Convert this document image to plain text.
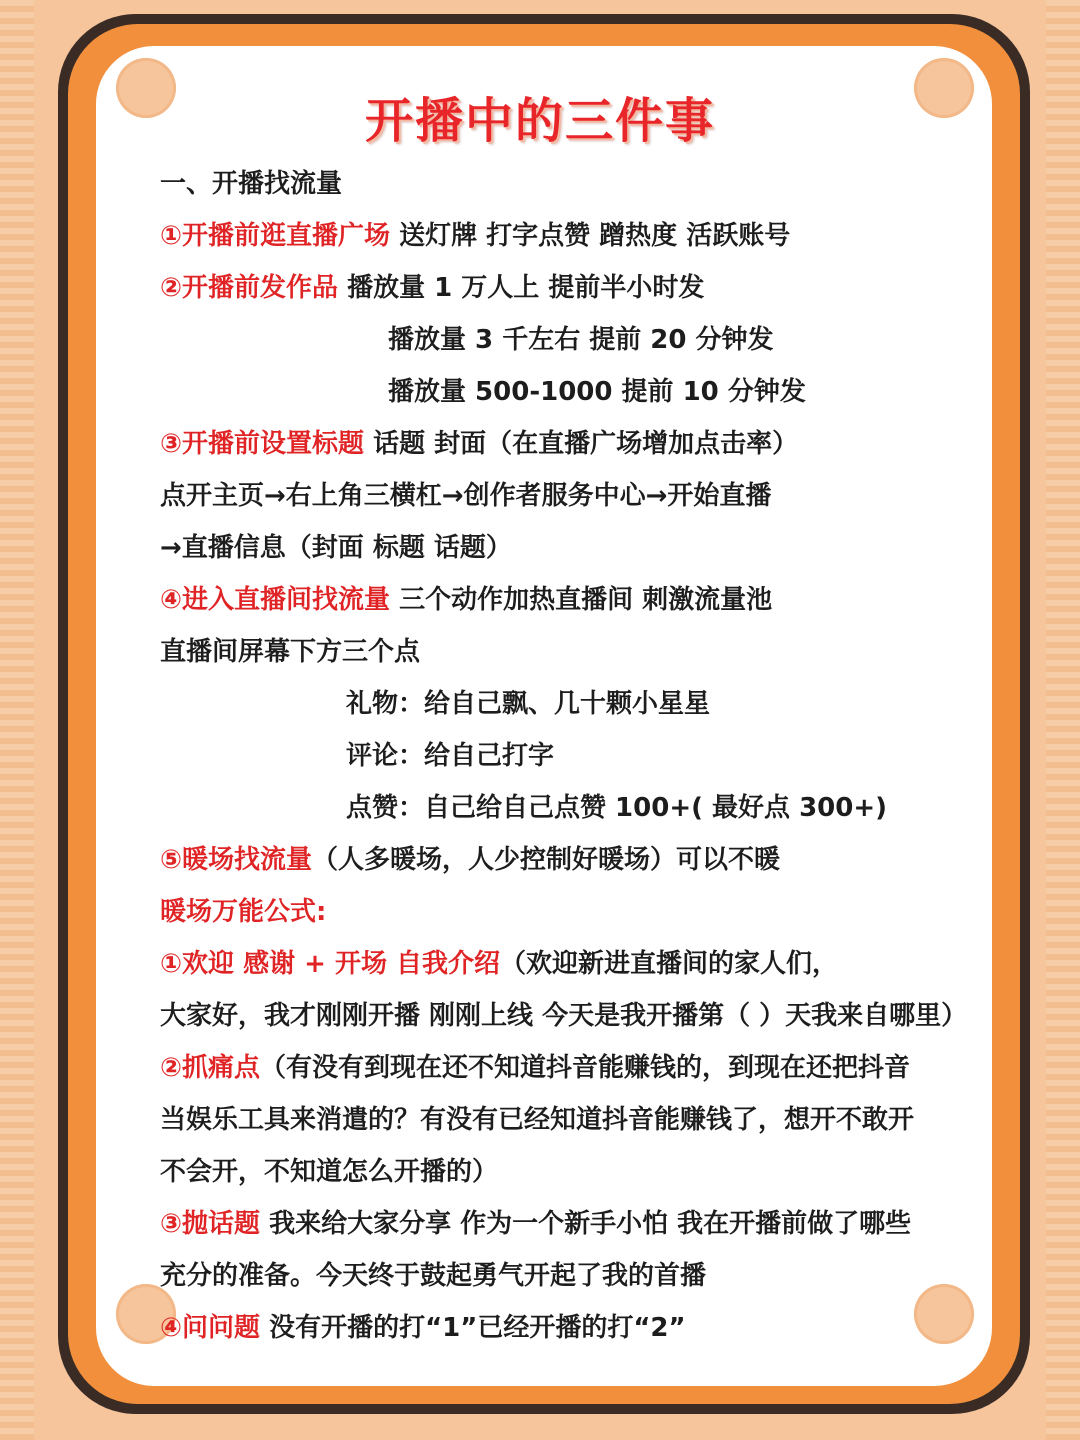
开播中的三件事
一、开播找流量
①开播前逛直播广场 送灯牌 打字点赞 蹭热度 活跃账号
②开播前发作品 播放量 1 万人上 提前半小时发
播放量 3 千左右 提前 20 分钟发
播放量 500-1000 提前 10 分钟发
③开播前设置标题 话题 封面（在直播广场增加点击率）
点开主页→右上角三横杠→创作者服务中心→开始直播
→直播信息（封面 标题 话题）
④进入直播间找流量 三个动作加热直播间 刺激流量池
直播间屏幕下方三个点
礼物：给自己飘、几十颗小星星
评论：给自己打字
点赞：自己给自己点赞 100+( 最好点 300+)
⑤暖场找流量（人多暖场，人少控制好暖场）可以不暖
暖场万能公式:
①欢迎 感谢 + 开场 自我介绍（欢迎新进直播间的家人们，
大家好，我才刚刚开播 刚刚上线 今天是我开播第（ ）天我来自哪里）
②抓痛点（有没有到现在还不知道抖音能赚钱的，到现在还把抖音
当娱乐工具来消遣的？有没有已经知道抖音能赚钱了，想开不敢开
不会开，不知道怎么开播的）
③抛话题 我来给大家分享 作为一个新手小怕 我在开播前做了哪些
充分的准备。今天终于鼓起勇气开起了我的首播
④问问题 没有开播的打“1”已经开播的打“2”
